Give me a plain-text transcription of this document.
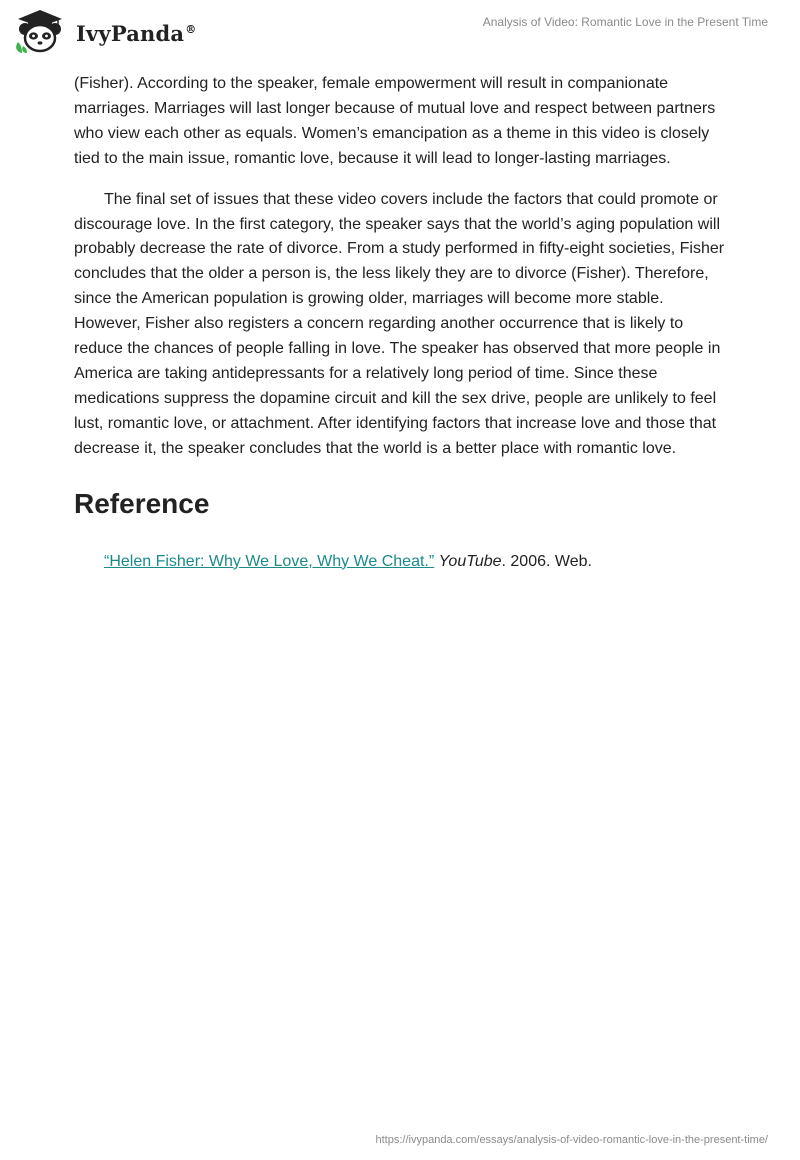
IvyPanda®	Analysis of Video: Romantic Love in the Present Time

(Fisher). According to the speaker, female empowerment will result in companionate marriages. Marriages will last longer because of mutual love and respect between partners who view each other as equals. Women’s emancipation as a theme in this video is closely tied to the main issue, romantic love, because it will lead to longer-lasting marriages.

The final set of issues that these video covers include the factors that could promote or discourage love. In the first category, the speaker says that the world’s aging population will probably decrease the rate of divorce. From a study performed in fifty-eight societies, Fisher concludes that the older a person is, the less likely they are to divorce (Fisher). Therefore, since the American population is growing older, marriages will become more stable. However, Fisher also registers a concern regarding another occurrence that is likely to reduce the chances of people falling in love. The speaker has observed that more people in America are taking antidepressants for a relatively long period of time. Since these medications suppress the dopamine circuit and kill the sex drive, people are unlikely to feel lust, romantic love, or attachment. After identifying factors that increase love and those that decrease it, the speaker concludes that the world is a better place with romantic love.

Reference
“Helen Fisher: Why We Love, Why We Cheat.” YouTube. 2006. Web.
https://ivypanda.com/essays/analysis-of-video-romantic-love-in-the-present-time/
